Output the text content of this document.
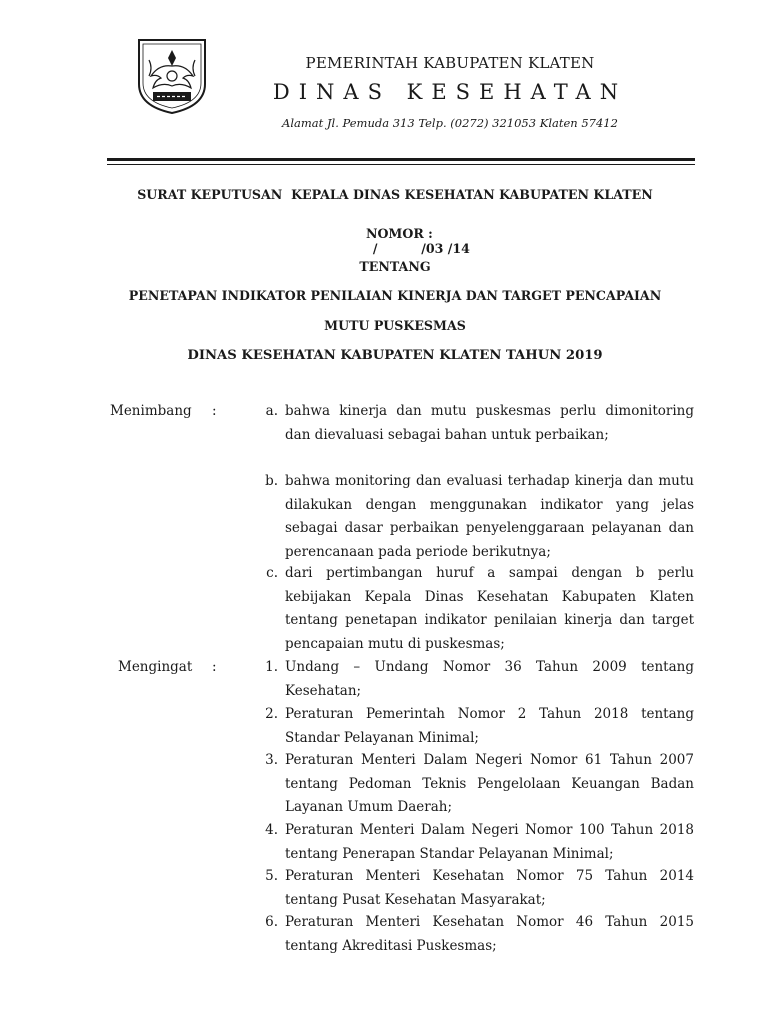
PEMERINTAH KABUPATEN KLATEN
DINAS KESEHATAN
Alamat Jl. Pemuda 313 Telp. (0272) 321053 Klaten 57412
SURAT KEPUTUSAN  KEPALA DINAS KESEHATAN KABUPATEN KLATEN

NOMOR :
/          /03 /14

TENTANG
PENETAPAN INDIKATOR PENILAIAN KINERJA DAN TARGET PENCAPAIAN
MUTU PUSKESMAS
DINAS KESEHATAN KABUPATEN KLATEN TAHUN 2019
Menimbang :	a. bahwa kinerja dan mutu puskesmas perlu dimonitoring dan dievaluasi sebagai bahan untuk perbaikan;
b. bahwa monitoring dan evaluasi terhadap kinerja dan mutu dilakukan dengan menggunakan indikator yang jelas sebagai dasar perbaikan penyelenggaraan pelayanan dan perencanaan pada periode berikutnya;
c. dari pertimbangan huruf a sampai dengan b perlu kebijakan Kepala Dinas Kesehatan Kabupaten Klaten tentang penetapan indikator penilaian kinerja dan target pencapaian mutu di puskesmas;
Mengingat :	1. Undang – Undang Nomor 36 Tahun 2009 tentang Kesehatan;
2. Peraturan Pemerintah Nomor 2 Tahun 2018 tentang Standar Pelayanan Minimal;
3. Peraturan Menteri Dalam Negeri Nomor 61 Tahun 2007 tentang Pedoman Teknis Pengelolaan Keuangan Badan Layanan Umum Daerah;
4. Peraturan Menteri Dalam Negeri Nomor 100 Tahun 2018 tentang Penerapan Standar Pelayanan Minimal;
5. Peraturan Menteri Kesehatan Nomor 75 Tahun 2014 tentang Pusat Kesehatan Masyarakat;
6. Peraturan Menteri Kesehatan Nomor 46 Tahun 2015 tentang Akreditasi Puskesmas;
